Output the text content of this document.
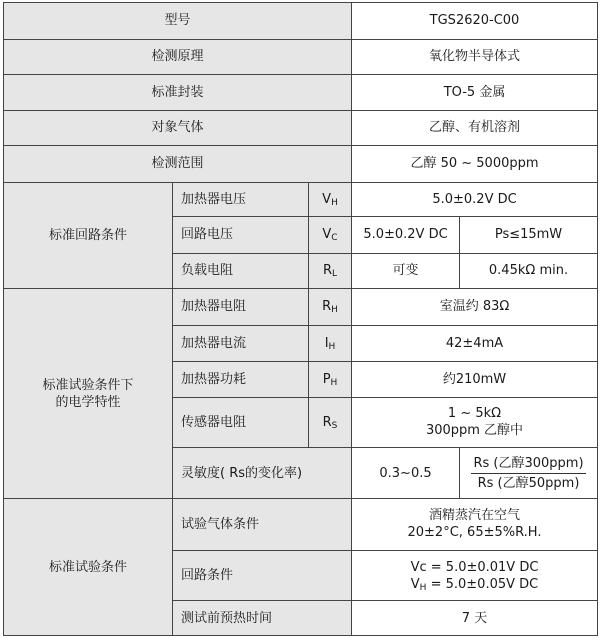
型号			TGS2620-C00	
检测原理			氧化物半导体式	
标准封装			TO-5 金属	
对象气体			乙醇、有机溶剂	
检测范围			乙醇 50 ~ 5000ppm	
标准回路条件	加热器电压	$V_H$	5.0±0.2V DC	
	回路电压	$V_C$	5.0±0.2V DC	Ps≤15mW
	负载电阻	$R_L$	可变	0.45kΩ min.
标准试验条件下
的电学特性	加热器电阻	$R_H$	室温约 83Ω	
	加热器电流	$I_H$	42±4mA	
	加热器功耗	$P_H$	约210mW	
	传感器电阻	$R_S$	1 ~ 5kΩ
300ppm 乙醇中	
	灵敏度( Rs的变化率)		0.3~0.5	Rs (乙醇300ppm)
Rs (乙醇50ppm)
标准试验条件	试验气体条件		酒精蒸汽在空气
20±2°C, 65±5%R.H.	
	回路条件		Vc = 5.0±0.01V DC
$V_H = 5.0\pm 0.05V$ DC	
	测试前预热时间		7 天	
